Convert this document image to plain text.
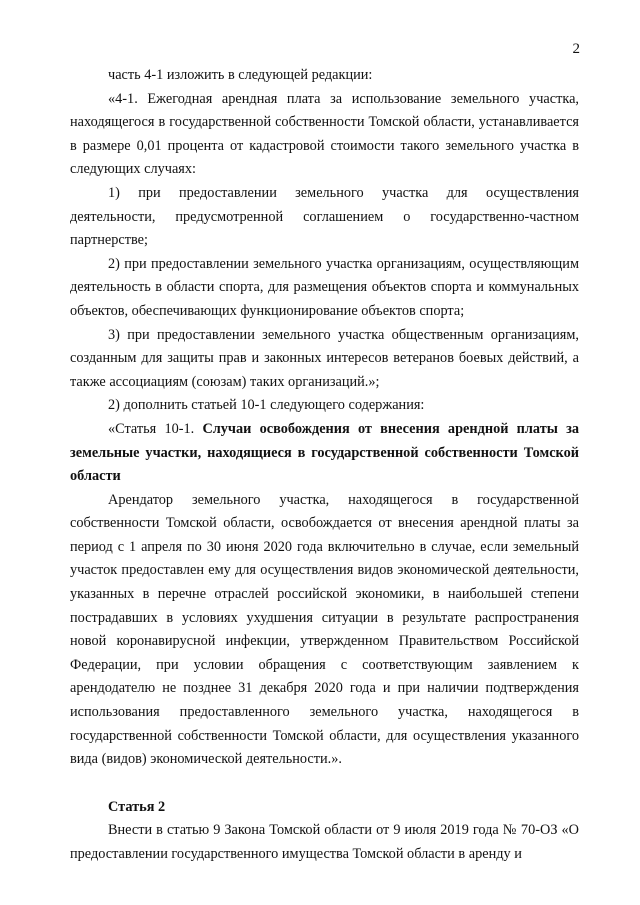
2

часть 4-1 изложить в следующей редакции:

«4-1. Ежегодная арендная плата за использование земельного участка, находящегося в государственной собственности Томской области, устанавливается в размере 0,01 процента от кадастровой стоимости такого земельного участка в следующих случаях:

1) при предоставлении земельного участка для осуществления деятельности, предусмотренной соглашением о государственно-частном партнерстве;

2) при предоставлении земельного участка организациям, осуществляющим деятельность в области спорта, для размещения объектов спорта и коммунальных объектов, обеспечивающих функционирование объектов спорта;

3) при предоставлении земельного участка общественным организациям, созданным для защиты прав и законных интересов ветеранов боевых действий, а также ассоциациям (союзам) таких организаций.»;

2) дополнить статьей 10-1 следующего содержания:

«Статья 10-1. Случаи освобождения от внесения арендной платы за земельные участки, находящиеся в государственной собственности Томской области

Арендатор земельного участка, находящегося в государственной собственности Томской области, освобождается от внесения арендной платы за период с 1 апреля по 30 июня 2020 года включительно в случае, если земельный участок предоставлен ему для осуществления видов экономической деятельности, указанных в перечне отраслей российской экономики, в наибольшей степени пострадавших в условиях ухудшения ситуации в результате распространения новой коронавирусной инфекции, утвержденном Правительством Российской Федерации, при условии обращения с соответствующим заявлением к арендодателю не позднее 31 декабря 2020 года и при наличии подтверждения использования предоставленного земельного участка, находящегося в государственной собственности Томской области, для осуществления указанного вида (видов) экономической деятельности.».

Статья 2

Внести в статью 9 Закона Томской области от 9 июля 2019 года № 70-ОЗ «О предоставлении государственного имущества Томской области в аренду и
